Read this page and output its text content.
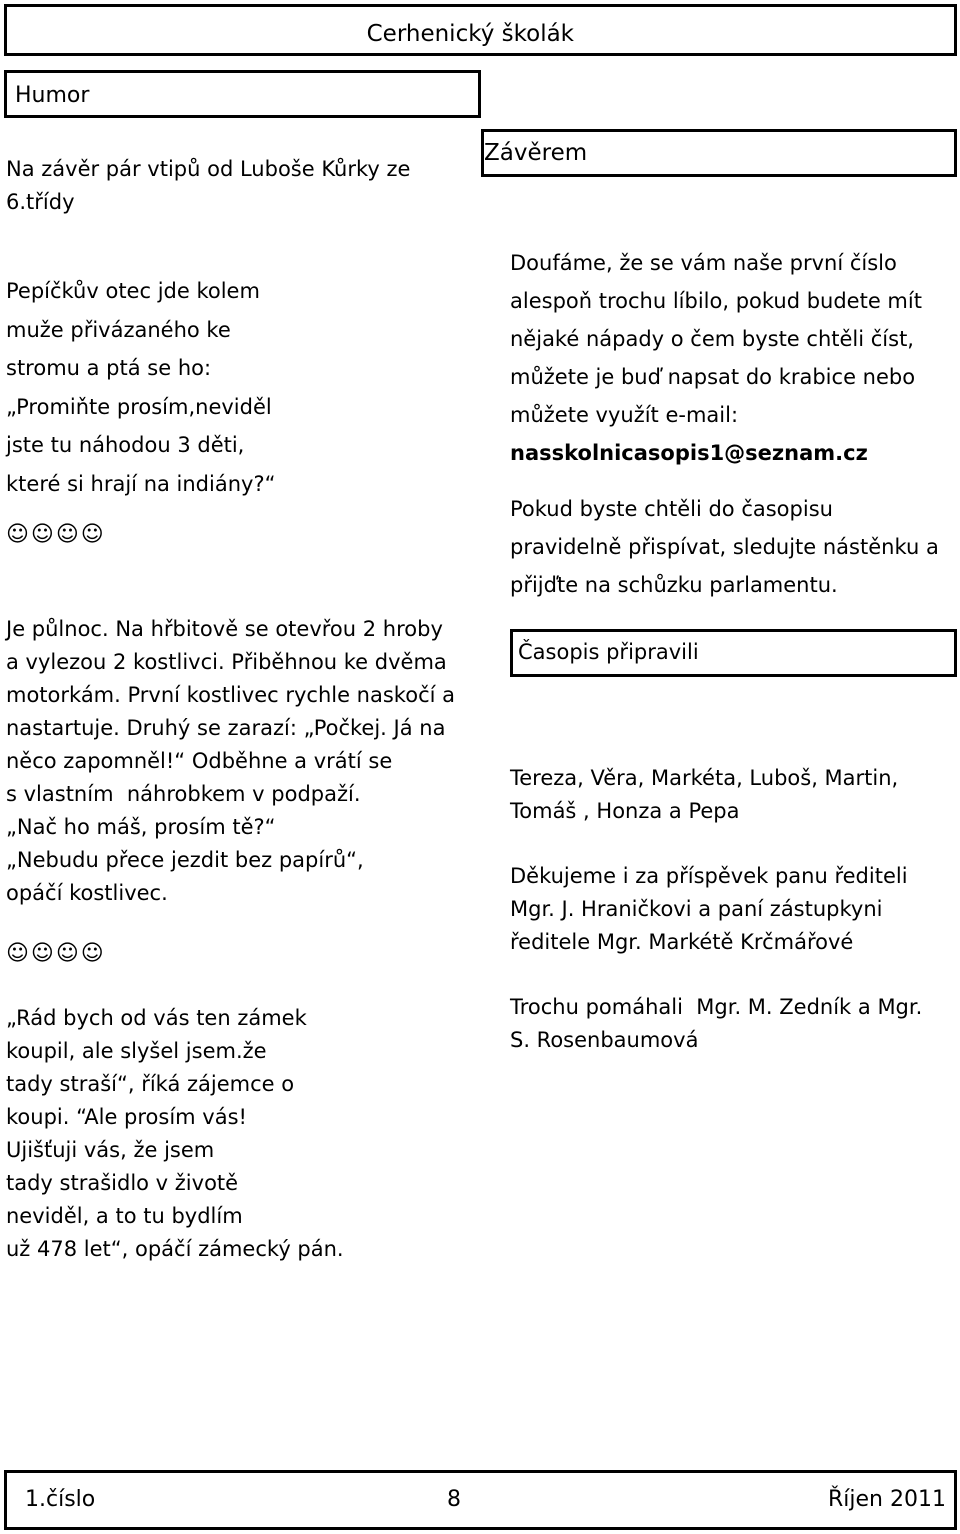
Cerhenický školák
Humor
Závěrem

Na závěr pár vtipů od Luboše Kůrky ze

6.třídy

Pepíčkův otec jde kolem

muže přivázaného ke

stromu a ptá se ho:

„Promiňte prosím,neviděl

jste tu náhodou 3 děti,

které si hrají na indiány?“

☺☺☺☺

Je půlnoc. Na hřbitově se otevřou 2 hroby

a vylezou 2 kostlivci. Přiběhnou ke dvěma

motorkám. První kostlivec rychle naskočí a

nastartuje. Druhý se zarazí: „Počkej. Já na

něco zapomněl!“ Odběhne a vrátí se

s vlastním  náhrobkem v podpaží.

„Nač ho máš, prosím tě?“

„Nebudu přece jezdit bez papírů“,

opáčí kostlivec.

☺☺☺☺

„Rád bych od vás ten zámek

koupil, ale slyšel jsem.že

tady straší“, říká zájemce o

koupi. “Ale prosím vás!

Ujišťuji vás, že jsem

tady strašidlo v životě

neviděl, a to tu bydlím

už 478 let“, opáčí zámecký pán.

Doufáme, že se vám naše první číslo

alespoň trochu líbilo, pokud budete mít

nějaké nápady o čem byste chtěli číst,

můžete je buď napsat do krabice nebo

můžete využít e-mail:

nasskolnicasopis1@seznam.cz

Pokud byste chtěli do časopisu

pravidelně přispívat, sledujte nástěnku a

přijďte na schůzku parlamentu.

Časopis připravili

Tereza, Věra, Markéta, Luboš, Martin,

Tomáš , Honza a Pepa

Děkujeme i za příspěvek panu řediteli

Mgr. J. Hraničkovi a paní zástupkyni

ředitele Mgr. Markétě Krčmářové

Trochu pomáhali  Mgr. M. Zedník a Mgr.

S. Rosenbaumová

1.číslo	8	Říjen 2011
